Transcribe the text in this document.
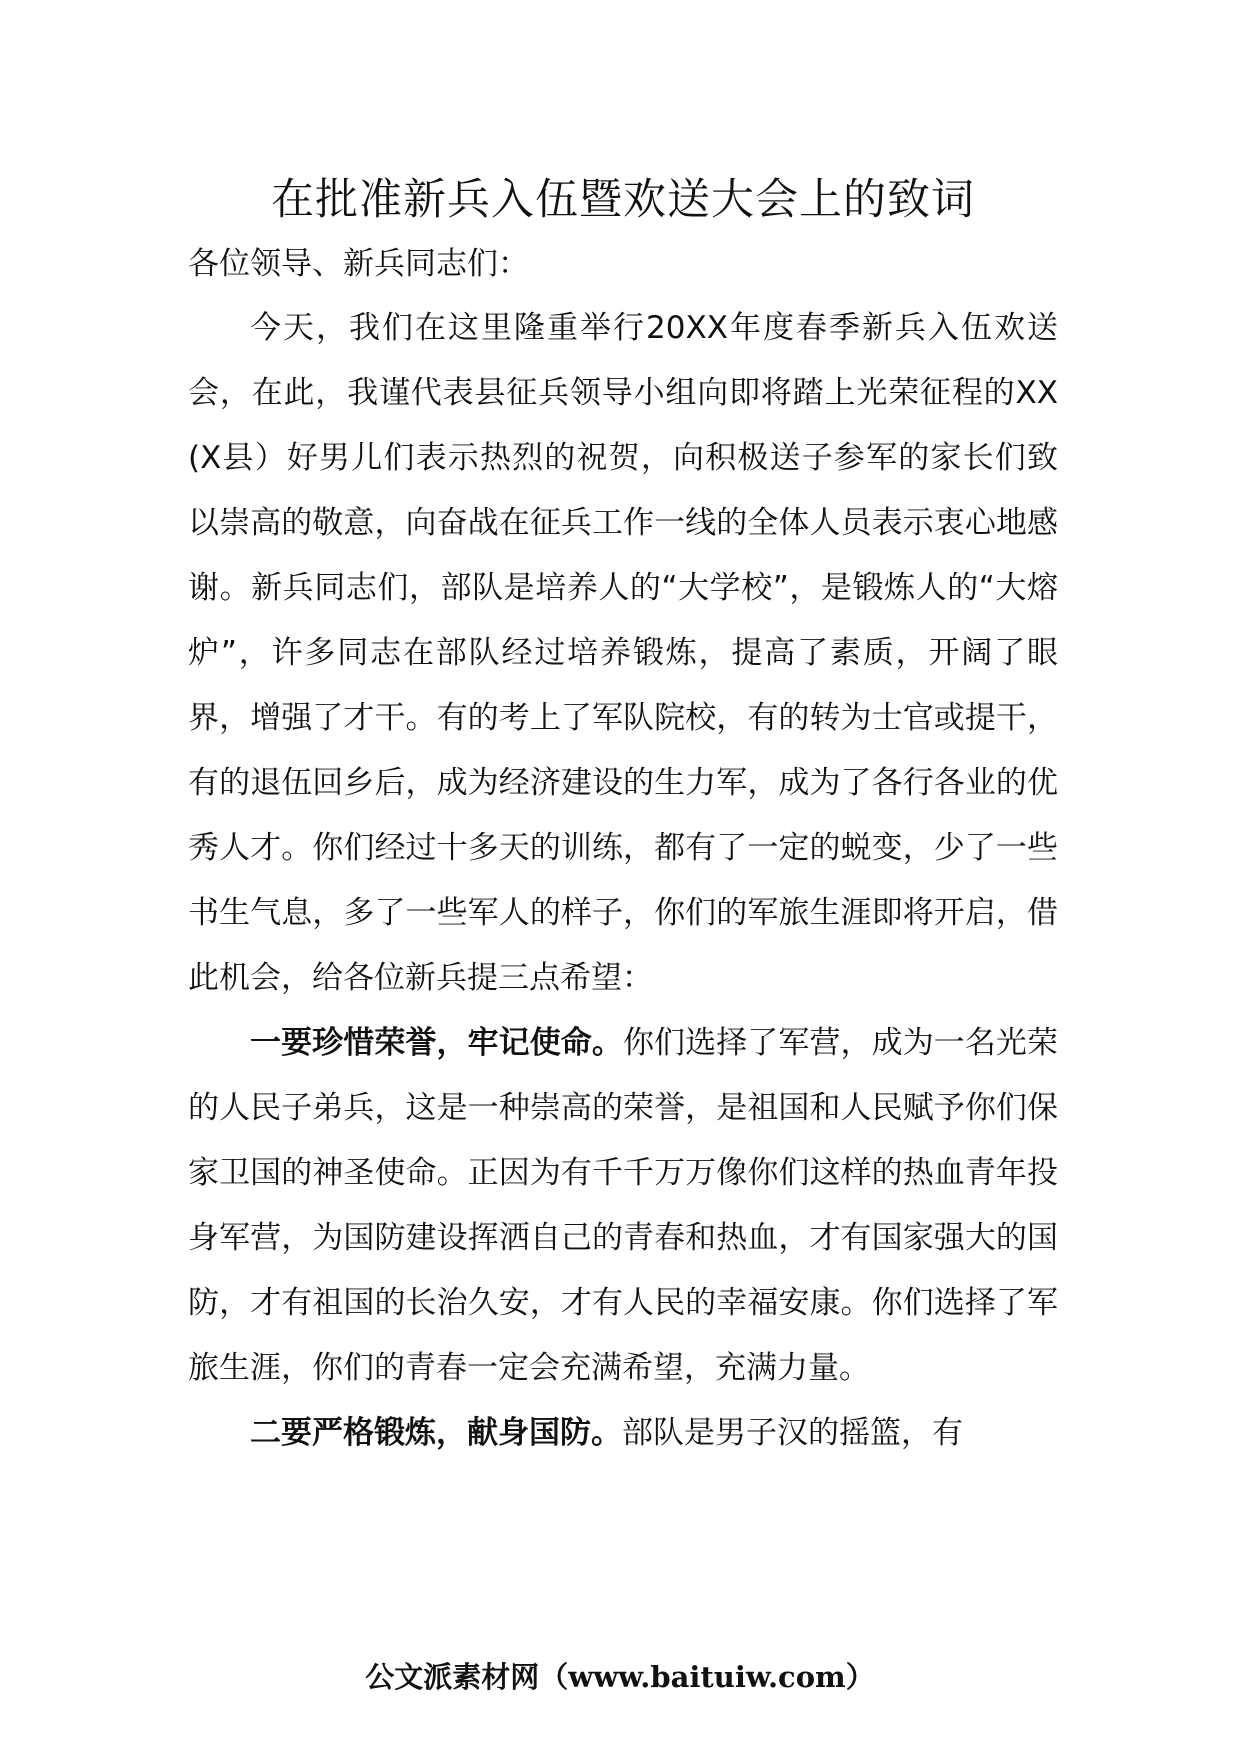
在批准新兵入伍暨欢送大会上的致词

各位领导、新兵同志们：

今天，我们在这里隆重举行20XX年度春季新兵入伍欢送会，在此，我谨代表县征兵领导小组向即将踏上光荣征程的XX(X县）好男儿们表示热烈的祝贺，向积极送子参军的家长们致以崇高的敬意，向奋战在征兵工作一线的全体人员表示衷心地感谢。新兵同志们，部队是培养人的“大学校”，是锻炼人的“大熔炉”，许多同志在部队经过培养锻炼，提高了素质，开阔了眼界，增强了才干。有的考上了军队院校，有的转为士官或提干，有的退伍回乡后，成为经济建设的生力军，成为了各行各业的优秀人才。你们经过十多天的训练，都有了一定的蜕变，少了一些书生气息，多了一些军人的样子，你们的军旅生涯即将开启，借此机会，给各位新兵提三点希望：

一要珍惜荣誉，牢记使命。你们选择了军营，成为一名光荣的人民子弟兵，这是一种崇高的荣誉，是祖国和人民赋予你们保家卫国的神圣使命。正因为有千千万万像你们这样的热血青年投身军营，为国防建设挥洒自己的青春和热血，才有国家强大的国防，才有祖国的长治久安，才有人民的幸福安康。你们选择了军旅生涯，你们的青春一定会充满希望，充满力量。

二要严格锻炼，献身国防。部队是男子汉的摇篮，有

公文派素材网（www.baituiw.com）
